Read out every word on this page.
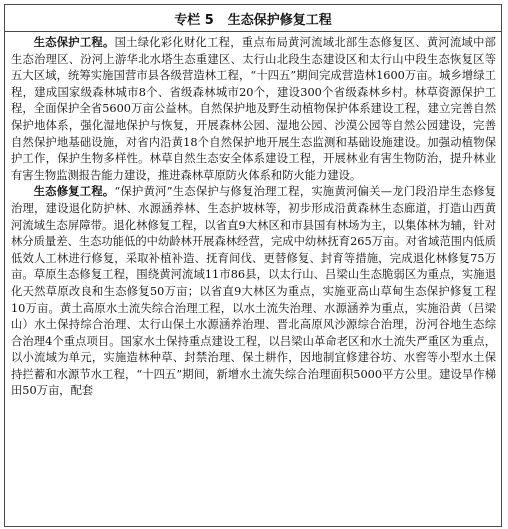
专栏 5 生态保护修复工程

生态保护工程。国土绿化彩化财化工程，重点布局黄河流域北部生态修复区、黄河流域中部生态治理区、汾河上游华北水塔生态重建区、太行山北段生态建设区和太行山中段生态恢复区等五大区域，统筹实施国营市县各级营造林工程，“十四五”期间完成营造林1600万亩。城乡增绿工程，建成国家级森林城市8个、省级森林城市20个，建设300个省级森林乡村。林草资源保护工程，全面保护全省5600万亩公益林。自然保护地及野生动植物保护体系建设工程，建立完善自然保护地体系，强化湿地保护与恢复，开展森林公园、湿地公园、沙漠公园等自然公园建设，完善自然保护地基础设施，对省内沿黄18个自然保护地开展生态监测和基础设施建设。加强动植物保护工作，保护生物多样性。林草自然生态安全体系建设工程，开展林业有害生物防治，提升林业有害生物监测报告能力建设，推进森林草原防火体系和防火能力建设。

生态修复工程。“保护黄河”生态保护与修复治理工程，实施黄河偏关—龙门段沿岸生态修复治理，建设退化防护林、水源涵养林、生态护坡林等，初步形成沿黄森林生态廊道，打造山西黄河流域生态屏障带。退化林修复工程，以省直9大林区和市县国有林场为主，以集体林为辅，针对林分质量差、生态功能低的中幼龄林开展森林经营，完成中幼林抚育265万亩。对省域范围内低质低效人工林进行修复，采取补植补造、抚育间伐、更替修复、封育等措施，完成退化林修复75万亩。草原生态修复工程，围绕黄河流域11市86县，以太行山、吕梁山生态脆弱区为重点，实施退化天然草原改良和生态修复50万亩；以省直9大林区为重点，实施亚高山草甸生态保护修复工程10万亩。黄土高原水土流失综合治理工程，以水土流失治理、水源涵养为重点，实施沿黄（吕梁山）水土保持综合治理、太行山保土水源涵养治理、晋北高原风沙源综合治理，汾河谷地生态综合治理4个重点项目。国家水土保持重点建设工程，以吕梁山革命老区和水土流失严重区为重点，以小流域为单元，实施造林种草、封禁治理、保土耕作，因地制宜修建谷坊、水窖等小型水土保持拦蓄和水源节水工程，“十四五”期间，新增水土流失综合治理面积5000平方公里。建设旱作梯田50万亩，配套
